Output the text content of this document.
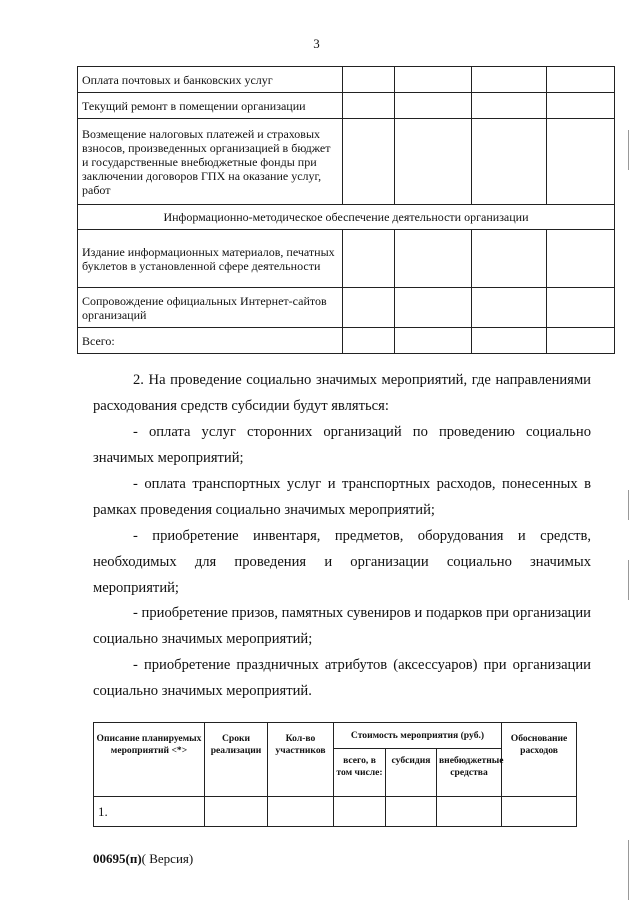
3
Оплата почтовых и банковских услуг				
Текущий ремонт в помещении организации				
Возмещение налоговых платежей и страховых взносов, произведенных организацией в бюджет и государственные внебюджетные фонды при заключении договоров ГПХ на оказание услуг, работ				
Информационно-методическое обеспечение деятельности организации				
Издание информационных материалов, печатных буклетов в установленной сфере деятельности				
Сопровождение официальных Интернет-сайтов организаций				
Всего:				
2. На проведение социально значимых мероприятий, где направлениями расходования средств субсидии будут являться:
- оплата услуг сторонних организаций по проведению социально значимых мероприятий;
- оплата транспортных услуг и транспортных расходов, понесенных в рамках проведения социально значимых мероприятий;
- приобретение инвентаря, предметов, оборудования и средств, необходимых для проведения и организации социально значимых мероприятий;
- приобретение призов, памятных сувениров и подарков при организации социально значимых мероприятий;
- приобретение праздничных атрибутов (аксессуаров) при организации социально значимых мероприятий.
Описание планируемых мероприятий <*>	Сроки реализации	Кол-во участников	Стоимость мероприятия (руб.)			Обоснование расходов
			всего, в том числе:	субсидия	внебюджетные средства	
1.						
00695(п)( Версия)
